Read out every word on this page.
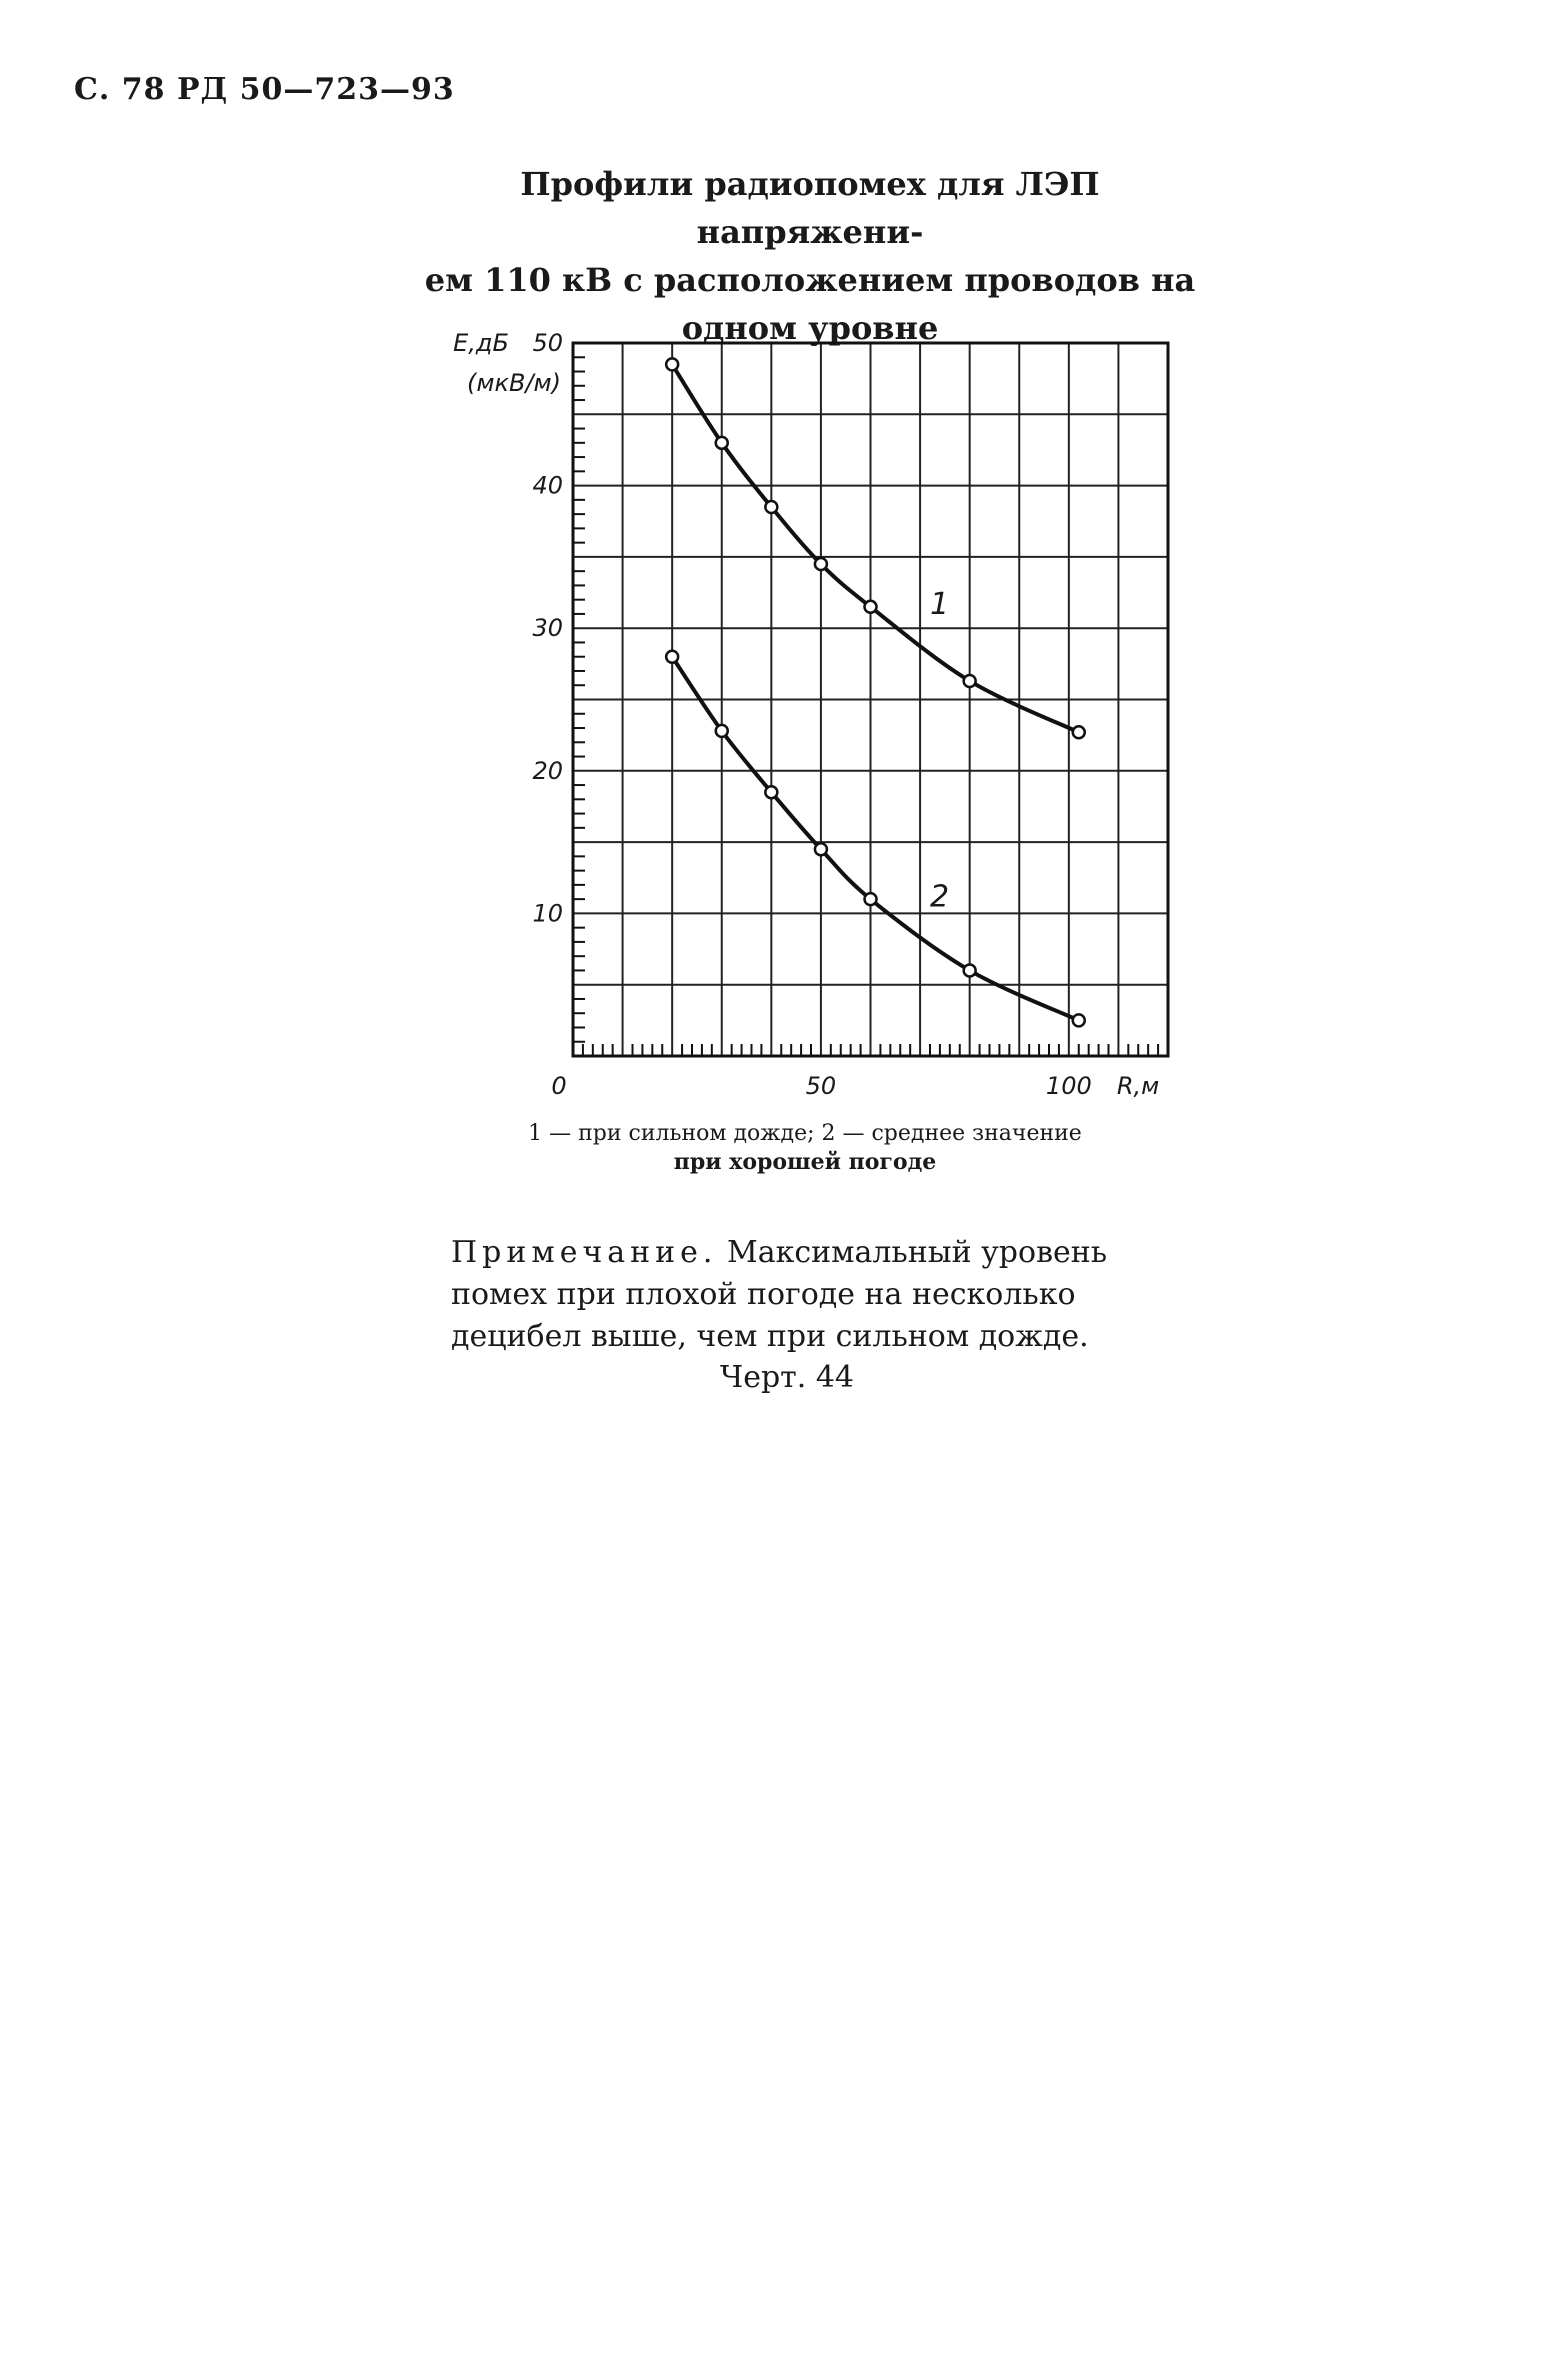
С. 78 РД 50—723—93
Профили радиопомех для ЛЭП напряжени-
ем 110 кВ с расположением проводов на
одном уровне
10
20
30
40
50
0	50	100
1
2
E,дБ
(мкВ/м)
R,м
1 — при сильном дожде; 2 — среднее значение
при хорошей погоде
Примечание. Максимальный уровень помех при плохой погоде на несколько децибел выше, чем при сильном дожде.
Черт. 44
